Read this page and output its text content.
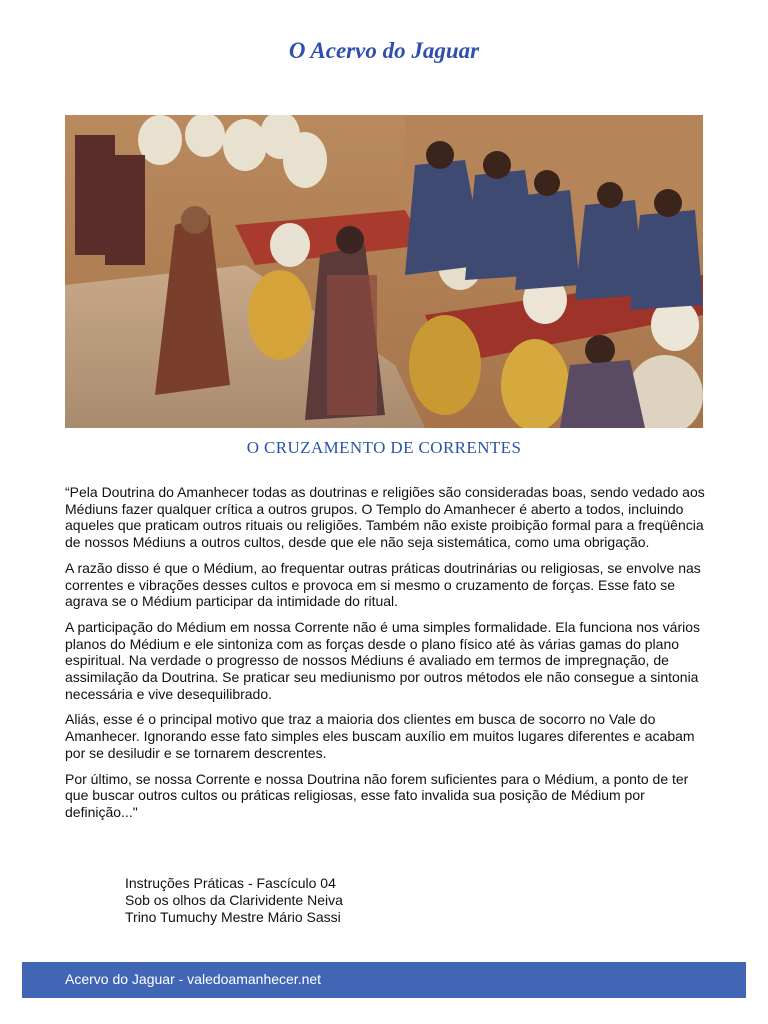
O Acervo do Jaguar
O CRUZAMENTO DE CORRENTES

“Pela Doutrina do Amanhecer todas as doutrinas e religiões são consideradas boas, sendo vedado aos Médiuns fazer qualquer crítica a outros grupos. O Templo do Amanhecer é aberto a todos, incluindo aqueles que praticam outros rituais ou religiões. Também não existe proibição formal para a freqüência de nossos Médiuns a outros cultos, desde que ele não seja sistemática, como uma obrigação.

A razão disso é que o Médium, ao frequentar outras práticas doutrinárias ou religiosas, se envolve nas correntes e vibrações desses cultos e provoca em si mesmo o cruzamento de forças. Esse fato se agrava se o Médium participar da intimidade do ritual.

A participação do Médium em nossa Corrente não é uma simples formalidade. Ela funciona nos vários planos do Médium e ele sintoniza com as forças desde o plano físico até às várias gamas do plano espiritual. Na verdade o progresso de nossos Médiuns é avaliado em termos de impregnação, de assimilação da Doutrina. Se praticar seu mediunismo por outros métodos ele não consegue a sintonia necessária e vive desequilibrado.

Aliás, esse é o principal motivo que traz a maioria dos clientes em busca de socorro no Vale do Amanhecer. Ignorando esse fato simples eles buscam auxílio em muitos lugares diferentes e acabam por se desiludir e se tornarem descrentes.

Por último, se nossa Corrente e nossa Doutrina não forem suficientes para o Médium, a ponto de ter que buscar outros cultos ou práticas religiosas, esse fato invalida sua posição de Médium por definição..."

Instruções Práticas - Fascículo 04
Sob os olhos da Clarividente Neiva
Trino Tumuchy Mestre Mário Sassi
Acervo do Jaguar - valedoamanhecer.net
